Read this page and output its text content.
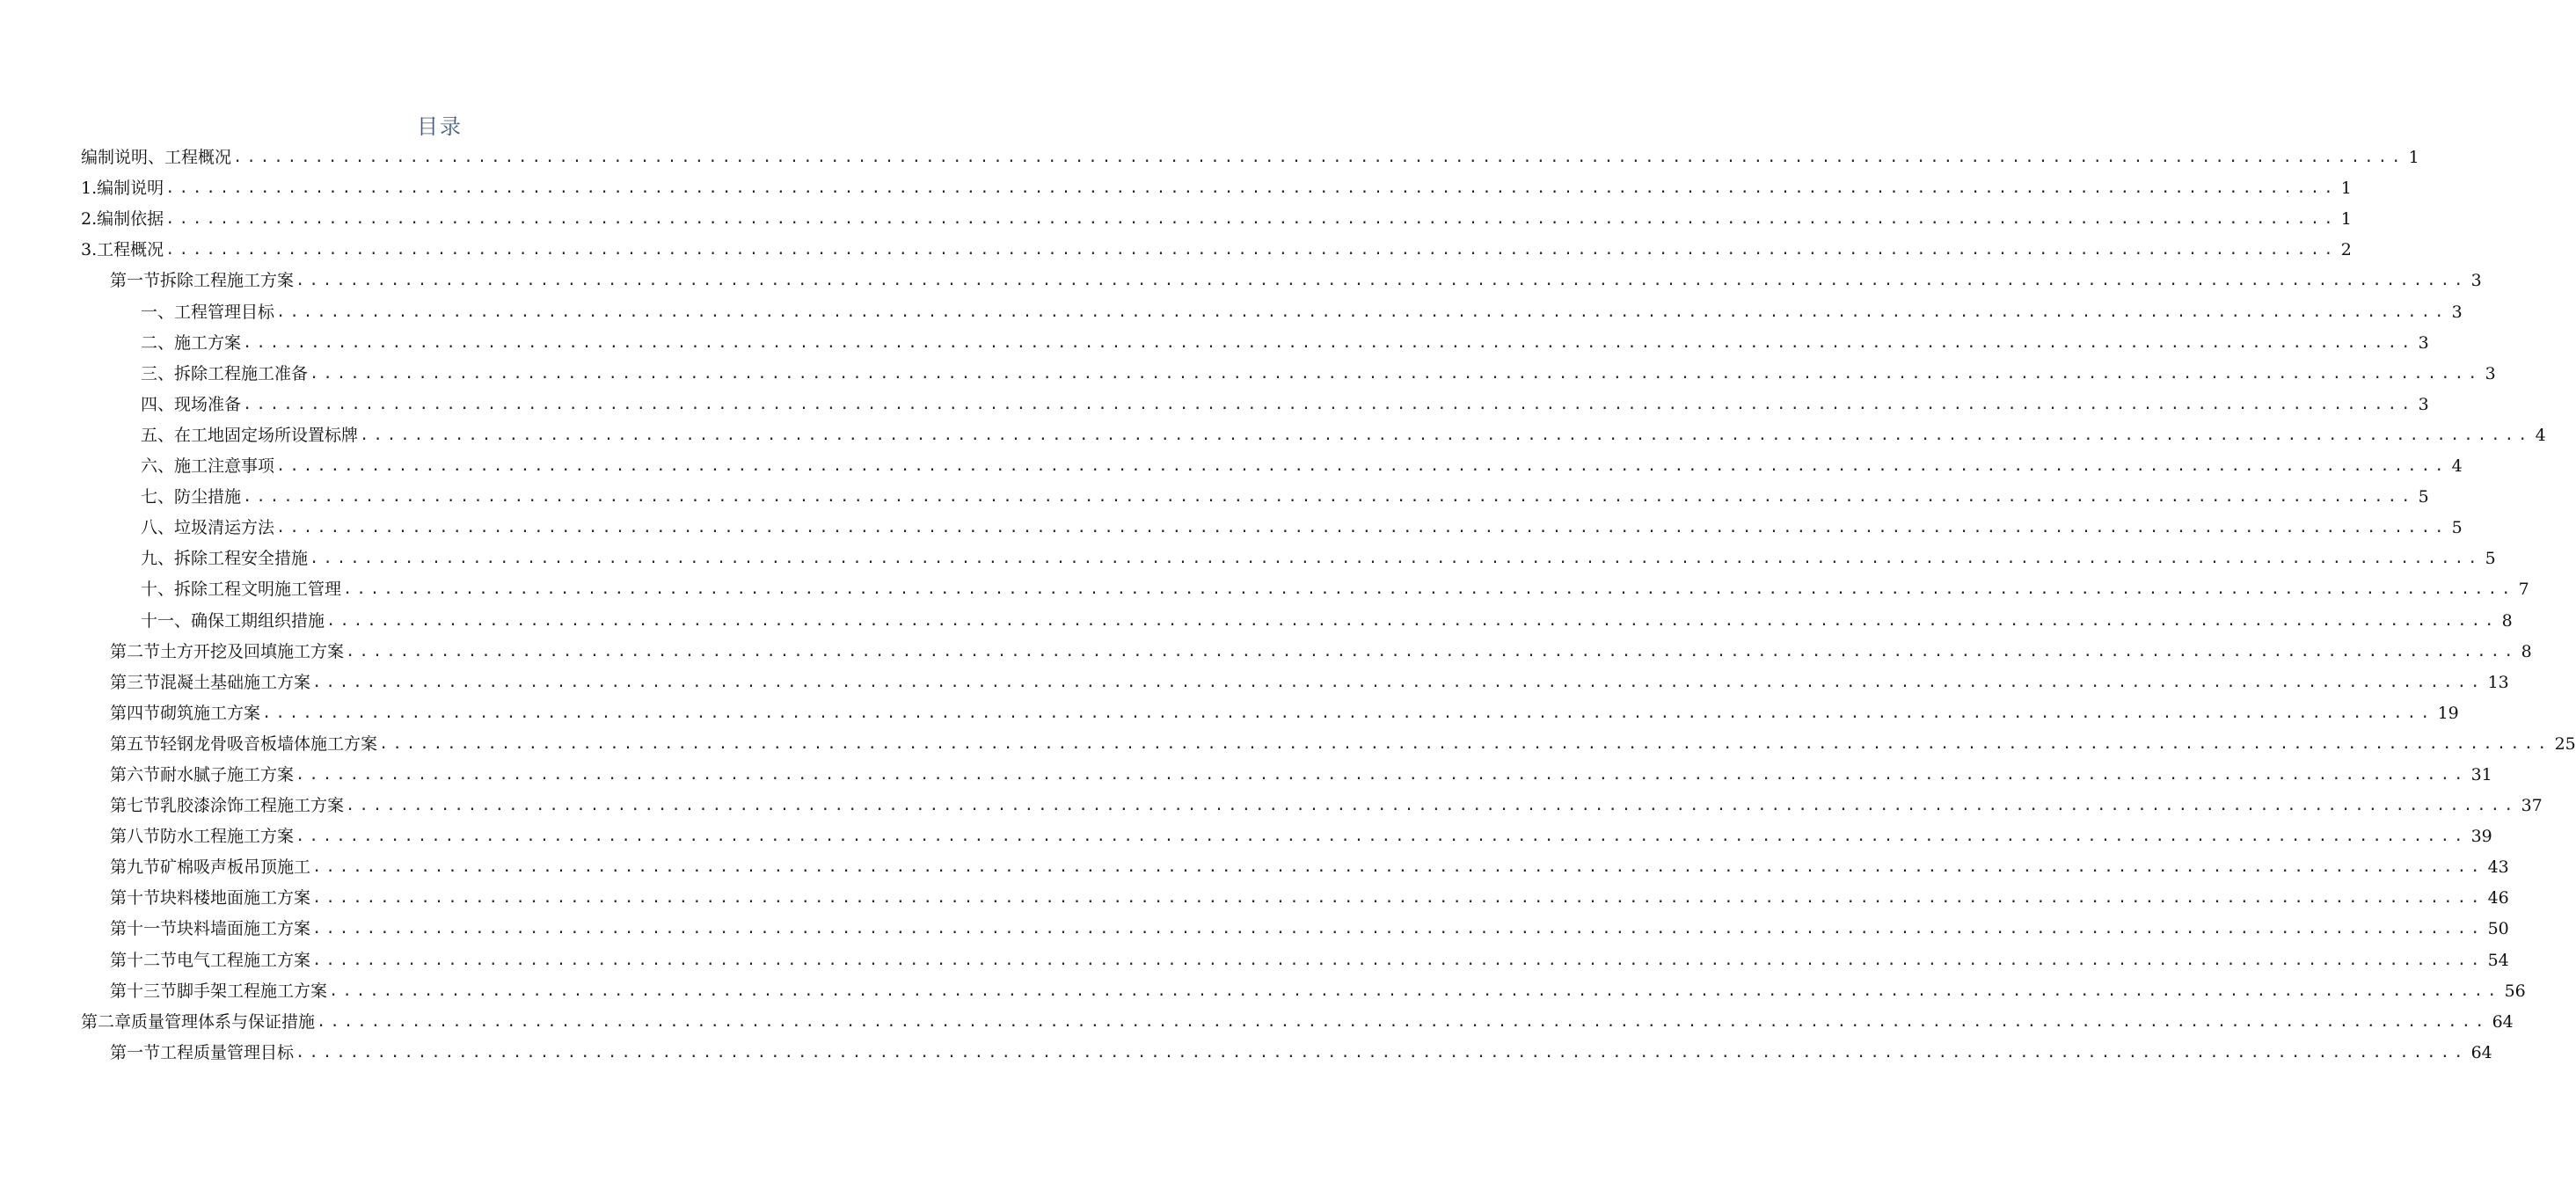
目录
编制说明、工程概况 ................................................................................................................................................................ 1
1.编制说明 ................................................................................................................................................................ 1
2.编制依据 ................................................................................................................................................................ 1
3.工程概况 ................................................................................................................................................................ 2
第一节拆除工程施工方案 ................................................................................................................................................................ 3
一、工程管理目标 ................................................................................................................................................................ 3
二、施工方案 ................................................................................................................................................................ 3
三、拆除工程施工准备 ................................................................................................................................................................ 3
四、现场准备 ................................................................................................................................................................ 3
五、在工地固定场所设置标牌 ................................................................................................................................................................ 4
六、施工注意事项 ................................................................................................................................................................ 4
七、防尘措施 ................................................................................................................................................................ 5
八、垃圾清运方法 ................................................................................................................................................................ 5
九、拆除工程安全措施 ................................................................................................................................................................ 5
十、拆除工程文明施工管理 ................................................................................................................................................................ 7
十一、确保工期组织措施 ................................................................................................................................................................ 8
第二节土方开挖及回填施工方案 ................................................................................................................................................................ 8
第三节混凝土基础施工方案 ................................................................................................................................................................ 13
第四节砌筑施工方案 ................................................................................................................................................................ 19
第五节轻钢龙骨吸音板墙体施工方案 ................................................................................................................................................................ 25
第六节耐水腻子施工方案 ................................................................................................................................................................ 31
第七节乳胶漆涂饰工程施工方案 ................................................................................................................................................................ 37
第八节防水工程施工方案 ................................................................................................................................................................ 39
第九节矿棉吸声板吊顶施工 ................................................................................................................................................................ 43
第十节块料楼地面施工方案 ................................................................................................................................................................ 46
第十一节块料墙面施工方案 ................................................................................................................................................................ 50
第十二节电气工程施工方案 ................................................................................................................................................................ 54
第十三节脚手架工程施工方案 ................................................................................................................................................................ 56
第二章质量管理体系与保证措施 ................................................................................................................................................................ 64
第一节工程质量管理目标 ................................................................................................................................................................ 64
